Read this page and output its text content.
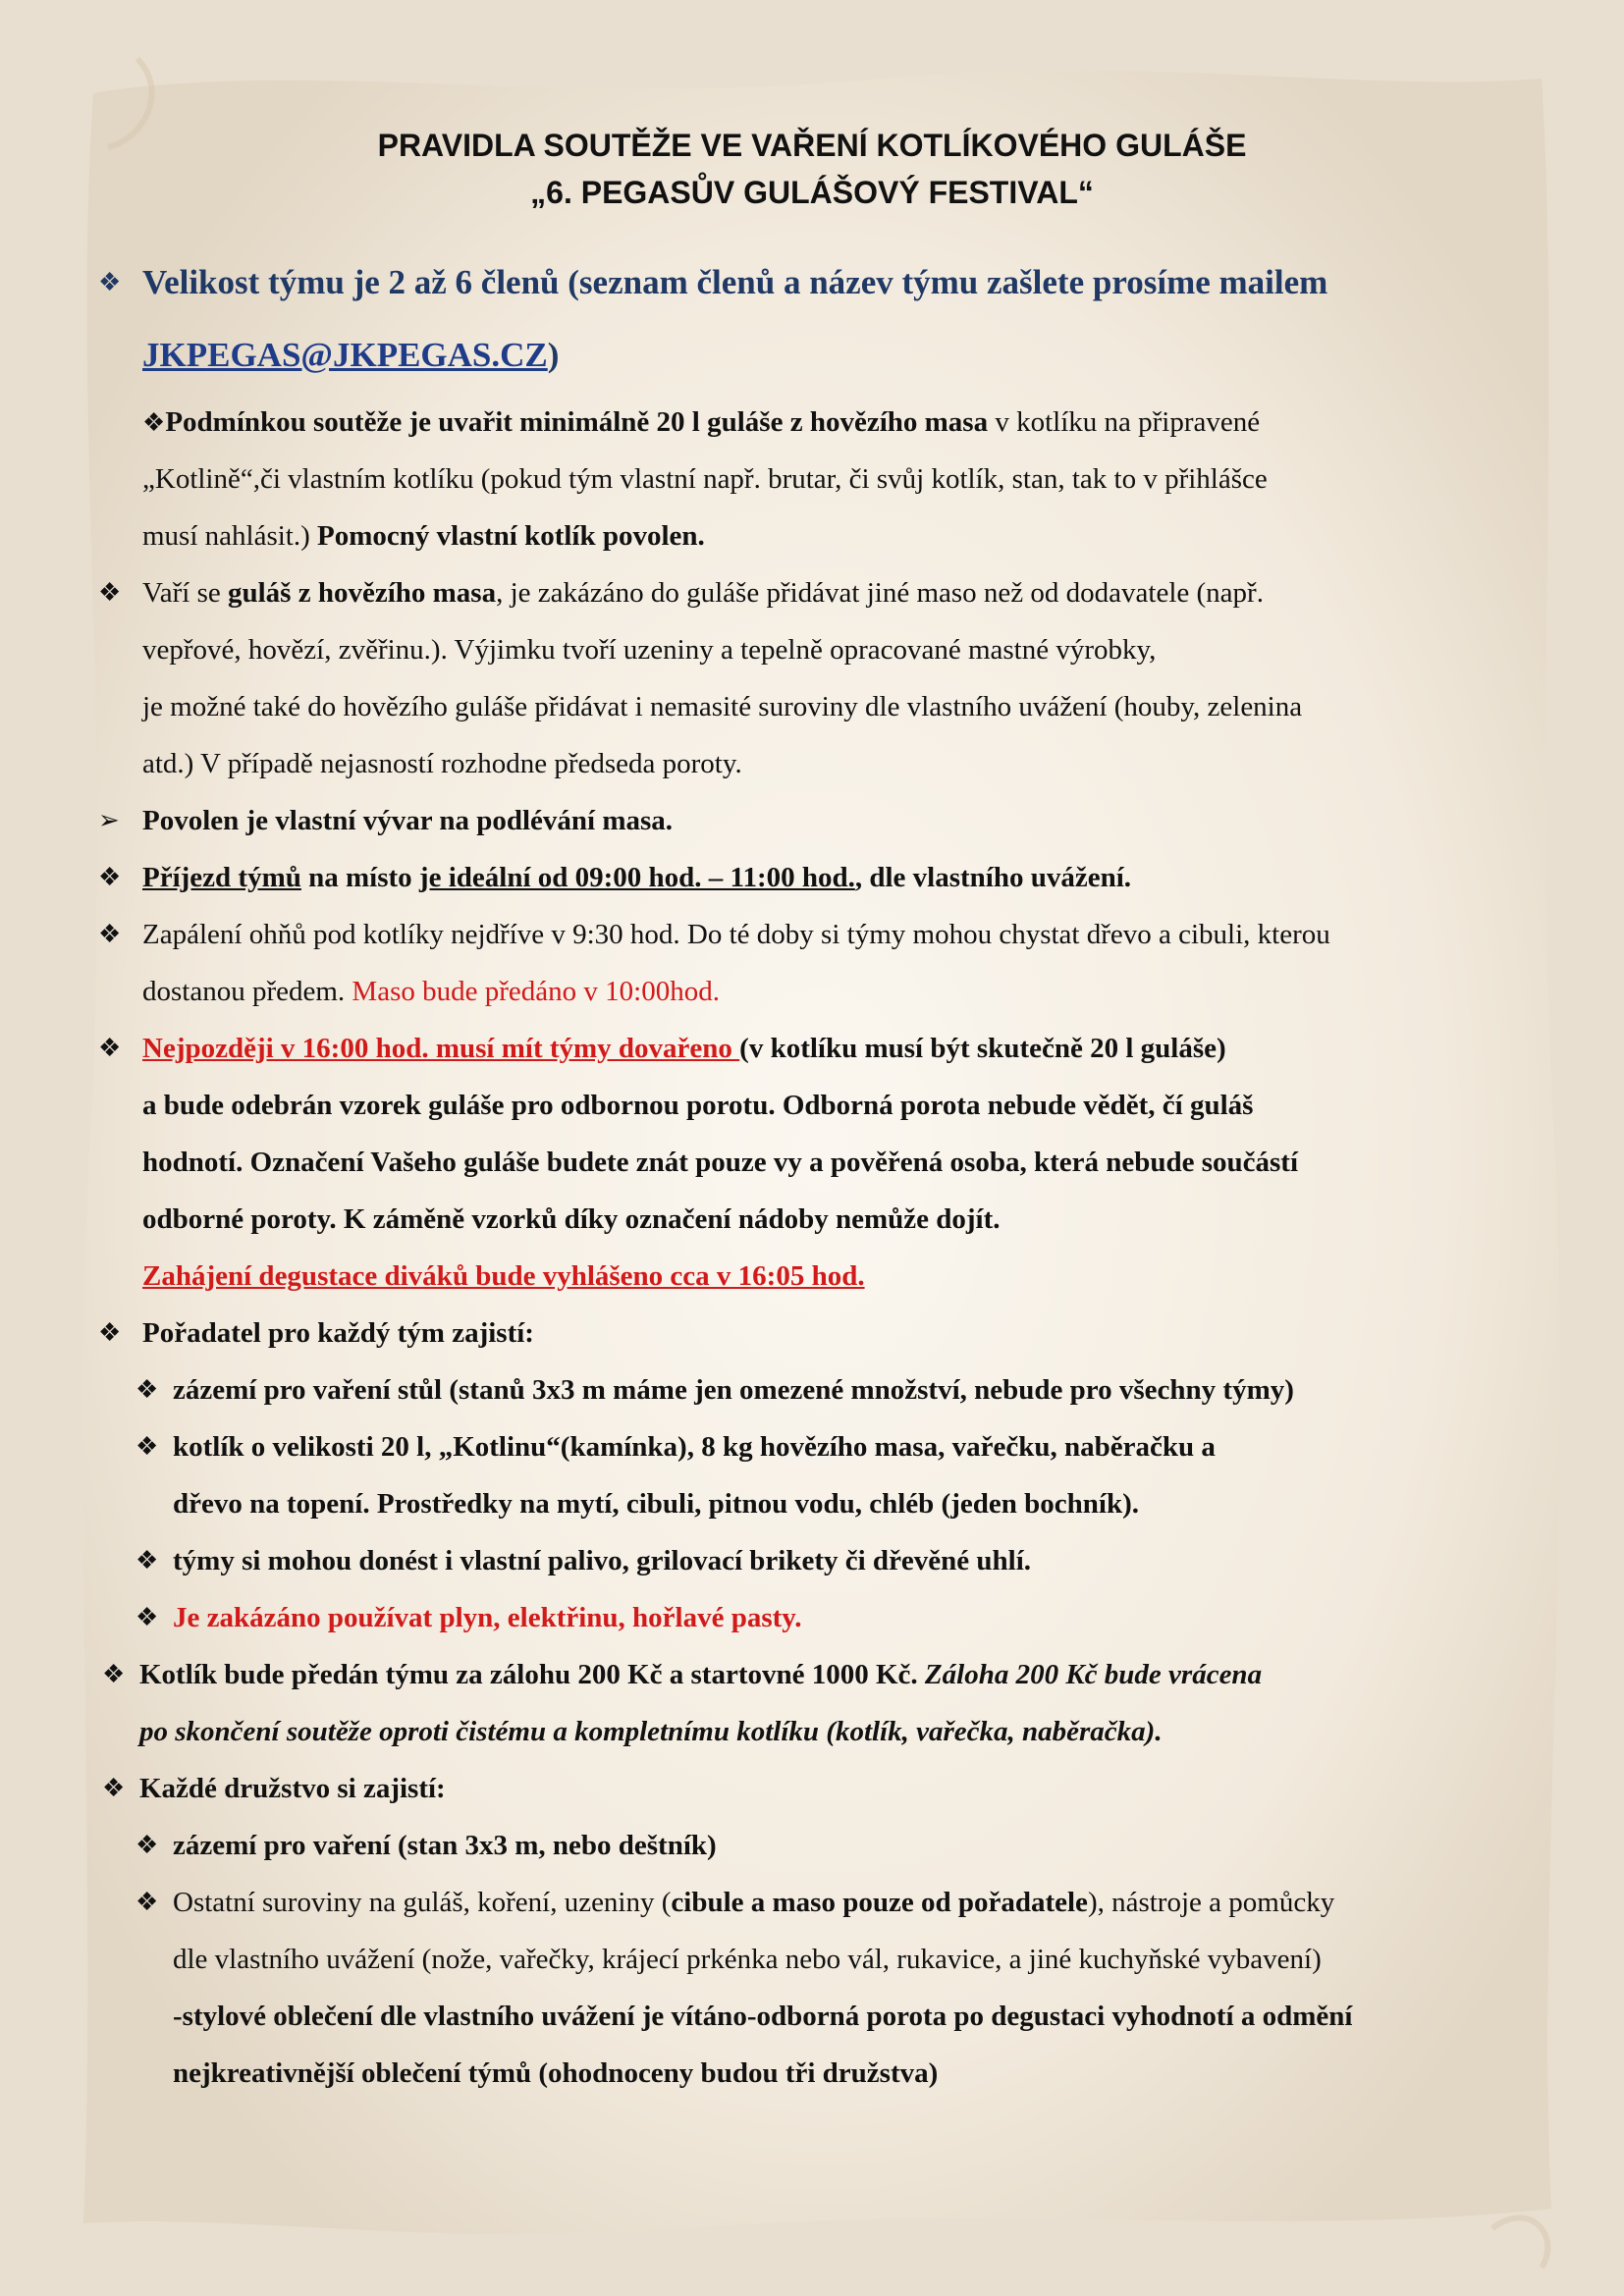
PRAVIDLA SOUTĚŽE VE VAŘENÍ KOTLÍKOVÉHO GULÁŠE
„6. PEGASŮV GULÁŠOVÝ FESTIVAL“
❖ Velikost týmu je 2 až 6 členů (seznam členů a název týmu zašlete prosíme mailem
JKPEGAS@JKPEGAS.CZ)
❖Podmínkou soutěže je uvařit minimálně 20 l guláše z hovězího masa v kotlíku na připravené
„Kotlině“,či vlastním kotlíku (pokud tým vlastní např. brutar, či svůj kotlík, stan, tak to v přihlášce
musí nahlásit.) Pomocný vlastní kotlík povolen.
❖ Vaří se guláš z hovězího masa, je zakázáno do guláše přidávat jiné maso než od dodavatele (např.
vepřové, hovězí, zvěřinu.). Výjimku tvoří uzeniny a tepelně opracované mastné výrobky,
je možné také do hovězího guláše přidávat i nemasité suroviny dle vlastního uvážení (houby, zelenina
atd.) V případě nejasností rozhodne předseda poroty.
➢ Povolen je vlastní vývar na podlévání masa.
❖ Příjezd týmů na místo je ideální od 09:00 hod. – 11:00 hod., dle vlastního uvážení.
❖ Zapálení ohňů pod kotlíky nejdříve v 9:30 hod. Do té doby si týmy mohou chystat dřevo a cibuli, kterou
dostanou předem. Maso bude předáno v 10:00hod.
❖ Nejpozději v 16:00 hod. musí mít týmy dovařeno (v kotlíku musí být skutečně 20 l guláše)
a bude odebrán vzorek guláše pro odbornou porotu. Odborná porota nebude vědět, čí guláš
hodnotí. Označení Vašeho guláše budete znát pouze vy a pověřená osoba, která nebude součástí
odborné poroty. K záměně vzorků díky označení nádoby nemůže dojít.
Zahájení degustace diváků bude vyhlášeno cca v 16:05 hod.
❖ Pořadatel pro každý tým zajistí:
❖ zázemí pro vaření stůl (stanů 3x3 m máme jen omezené množství, nebude pro všechny týmy)
❖ kotlík o velikosti 20 l, „Kotlinu“(kamínka), 8 kg hovězího masa, vařečku, naběračku a
dřevo na topení. Prostředky na mytí, cibuli, pitnou vodu, chléb (jeden bochník).
❖ týmy si mohou donést i vlastní palivo, grilovací brikety či dřevěné uhlí.
❖ Je zakázáno používat plyn, elektřinu, hořlavé pasty.
❖ Kotlík bude předán týmu za zálohu 200 Kč a startovné 1000 Kč. Záloha 200 Kč bude vrácena
po skončení soutěže oproti čistému a kompletnímu kotlíku (kotlík, vařečka, naběračka).
❖ Každé družstvo si zajistí:
❖ zázemí pro vaření (stan 3x3 m, nebo deštník)
❖ Ostatní suroviny na guláš, koření, uzeniny (cibule a maso pouze od pořadatele), nástroje a pomůcky
dle vlastního uvážení (nože, vařečky, krájecí prkénka nebo vál, rukavice, a jiné kuchyňské vybavení)
-stylové oblečení dle vlastního uvážení je vítáno-odborná porota po degustaci vyhodnotí a odmění
nejkreativnější oblečení týmů (ohodnoceny budou tři družstva)
